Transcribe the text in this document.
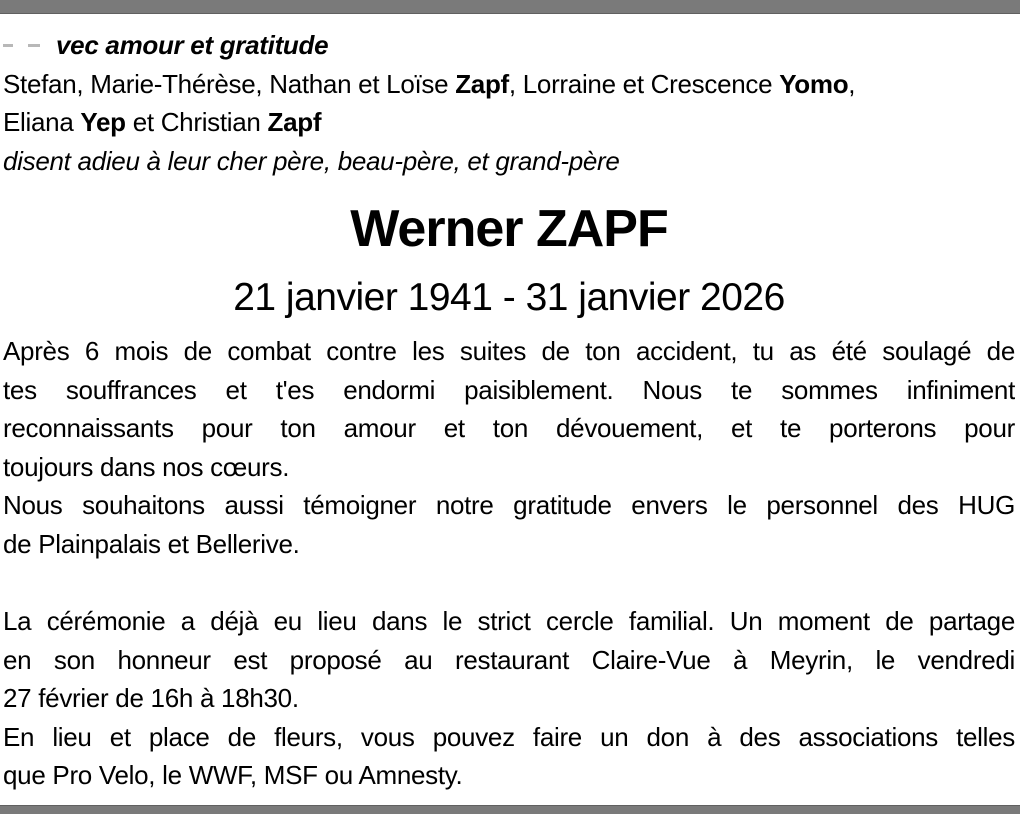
vec amour et gratitude
Stefan, Marie-Thérèse, Nathan et Loïse Zapf, Lorraine et Crescence Yomo,
Eliana Yep et Christian Zapf
disent adieu à leur cher père, beau-père, et grand-père
Werner ZAPF
21 janvier 1941 - 31 janvier 2026
Après 6 mois de combat contre les suites de ton accident, tu as été soulagé de
tes souffrances et t'es endormi paisiblement. Nous te sommes infiniment
reconnaissants pour ton amour et ton dévouement, et te porterons pour
toujours dans nos cœurs.
Nous souhaitons aussi témoigner notre gratitude envers le personnel des HUG
de Plainpalais et Bellerive.
La cérémonie a déjà eu lieu dans le strict cercle familial. Un moment de partage
en son honneur est proposé au restaurant Claire-Vue à Meyrin, le vendredi
27 février de 16h à 18h30.
En lieu et place de fleurs, vous pouvez faire un don à des associations telles
que Pro Velo, le WWF, MSF ou Amnesty.
